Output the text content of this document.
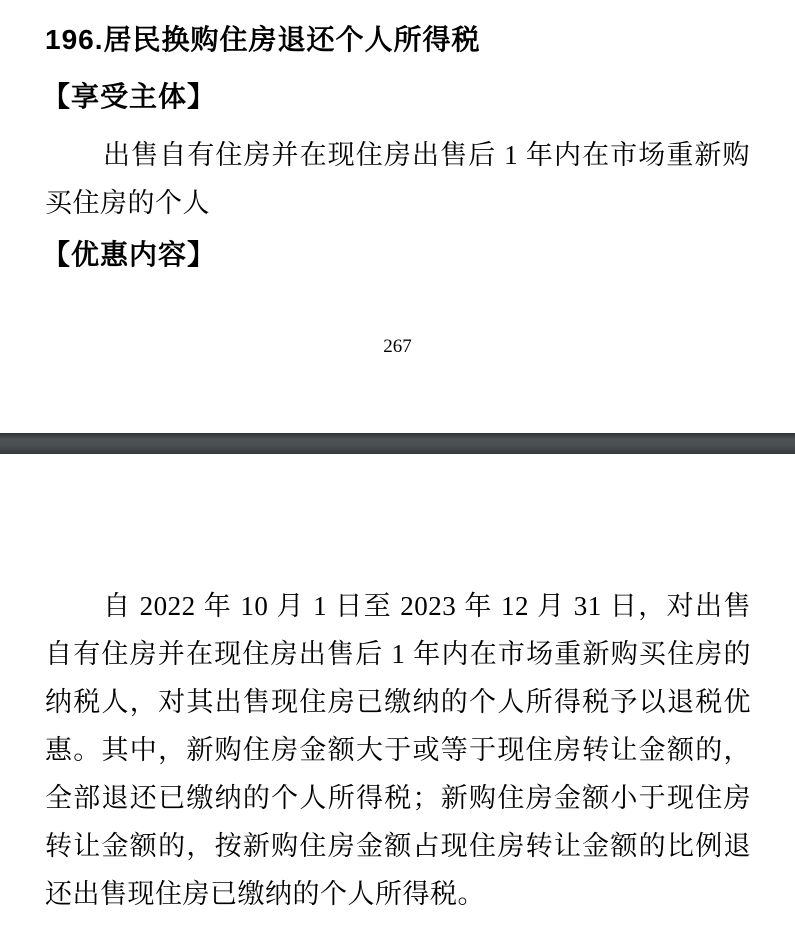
196.居民换购住房退还个人所得税
【享受主体】
出售自有住房并在现住房出售后 1 年内在市场重新购买住房的个人
【优惠内容】
267
自 2022 年 10 月 1 日至 2023 年 12 月 31 日，对出售自有住房并在现住房出售后 1 年内在市场重新购买住房的纳税人，对其出售现住房已缴纳的个人所得税予以退税优惠。其中，新购住房金额大于或等于现住房转让金额的，全部退还已缴纳的个人所得税；新购住房金额小于现住房转让金额的，按新购住房金额占现住房转让金额的比例退还出售现住房已缴纳的个人所得税。
